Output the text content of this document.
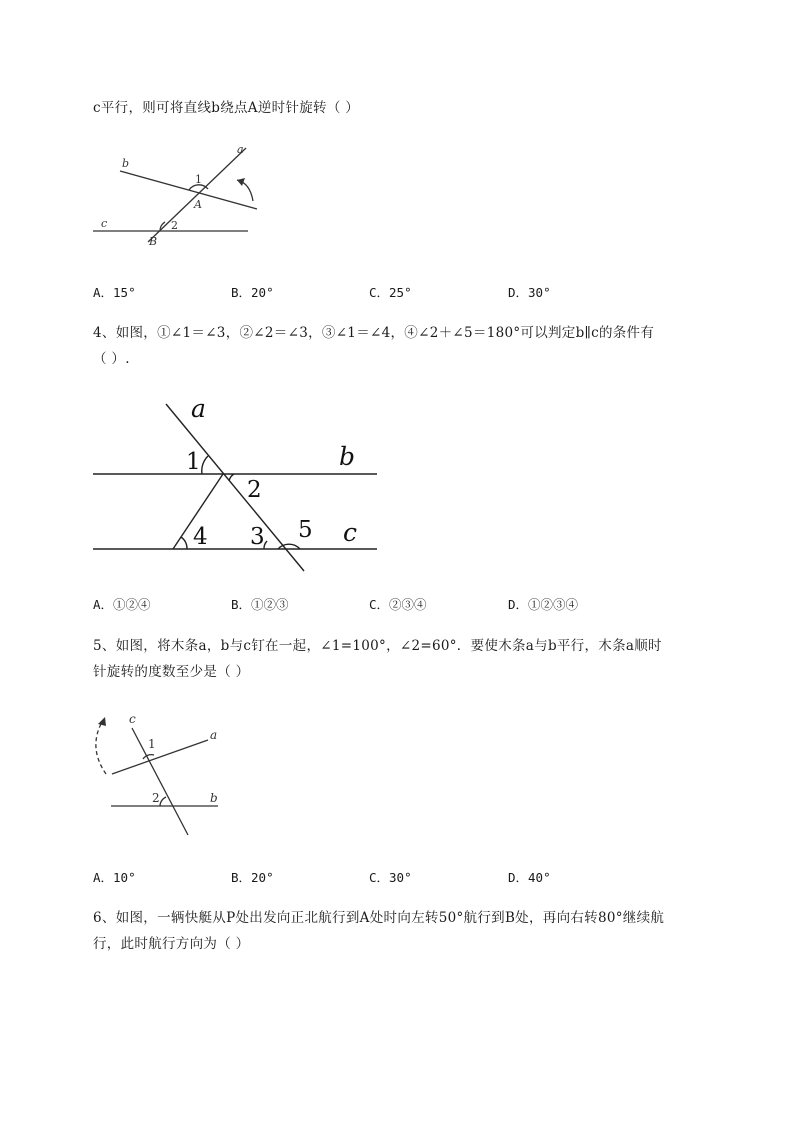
c平行，则可将直线b绕点A逆时针旋转（ ）
a
b
c
A
B
1
2
A．15°	B．20°	C．25°	D．30°
4、如图，①∠1＝∠3，②∠2＝∠3，③∠1＝∠4，④∠2＋∠5＝180°可以判定b∥c的条件有
（ ）.
a
b
c
1
2
3
4	5
A．①②④	B．①②③	C．②③④	D．①②③④
5、如图，将木条a，b与c钉在一起，∠1=100°，∠2=60°．要使木条a与b平行，木条a顺时
针旋转的度数至少是（ ）
a
b
c
1
2
A．10°	B．20°	C．30°	D．40°
6、如图，一辆快艇从P处出发向正北航行到A处时向左转50°航行到B处，再向右转80°继续航
行，此时航行方向为（ ）
